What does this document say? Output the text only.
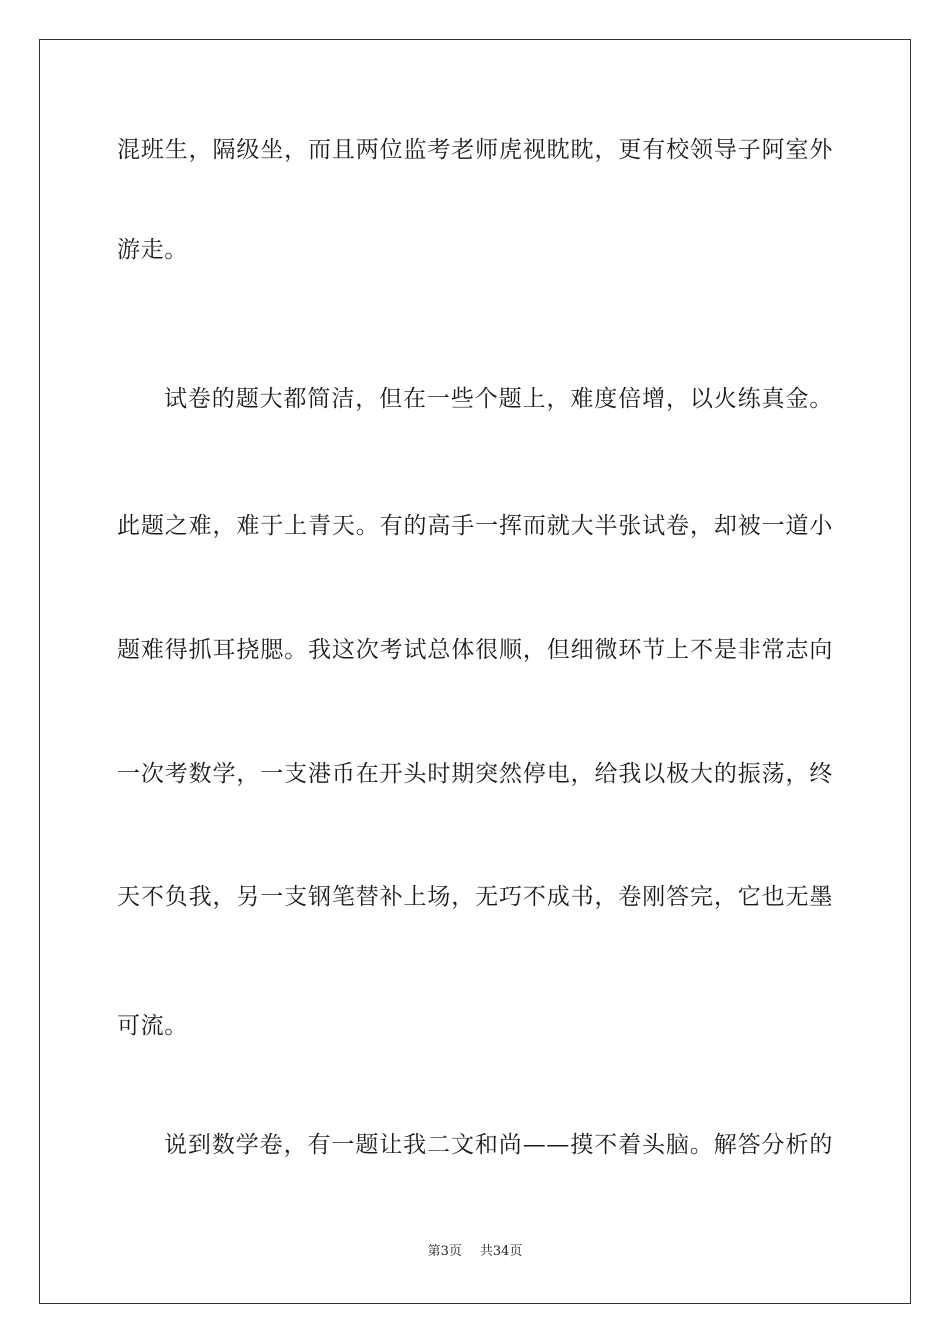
混班生，隔级坐，而且两位监考老师虎视眈眈，更有校领导子阿室外
游走。
试卷的题大都简洁，但在一些个题上，难度倍增，以火练真金。
此题之难，难于上青天。有的高手一挥而就大半张试卷，却被一道小
题难得抓耳挠腮。我这次考试总体很顺，但细微环节上不是非常志向
一次考数学，一支港币在开头时期突然停电，给我以极大的振荡，终
天不负我，另一支钢笔替补上场，无巧不成书，卷刚答完，它也无墨
可流。
说到数学卷，有一题让我二文和尚——摸不着头脑。解答分析的
第3页 共34页
